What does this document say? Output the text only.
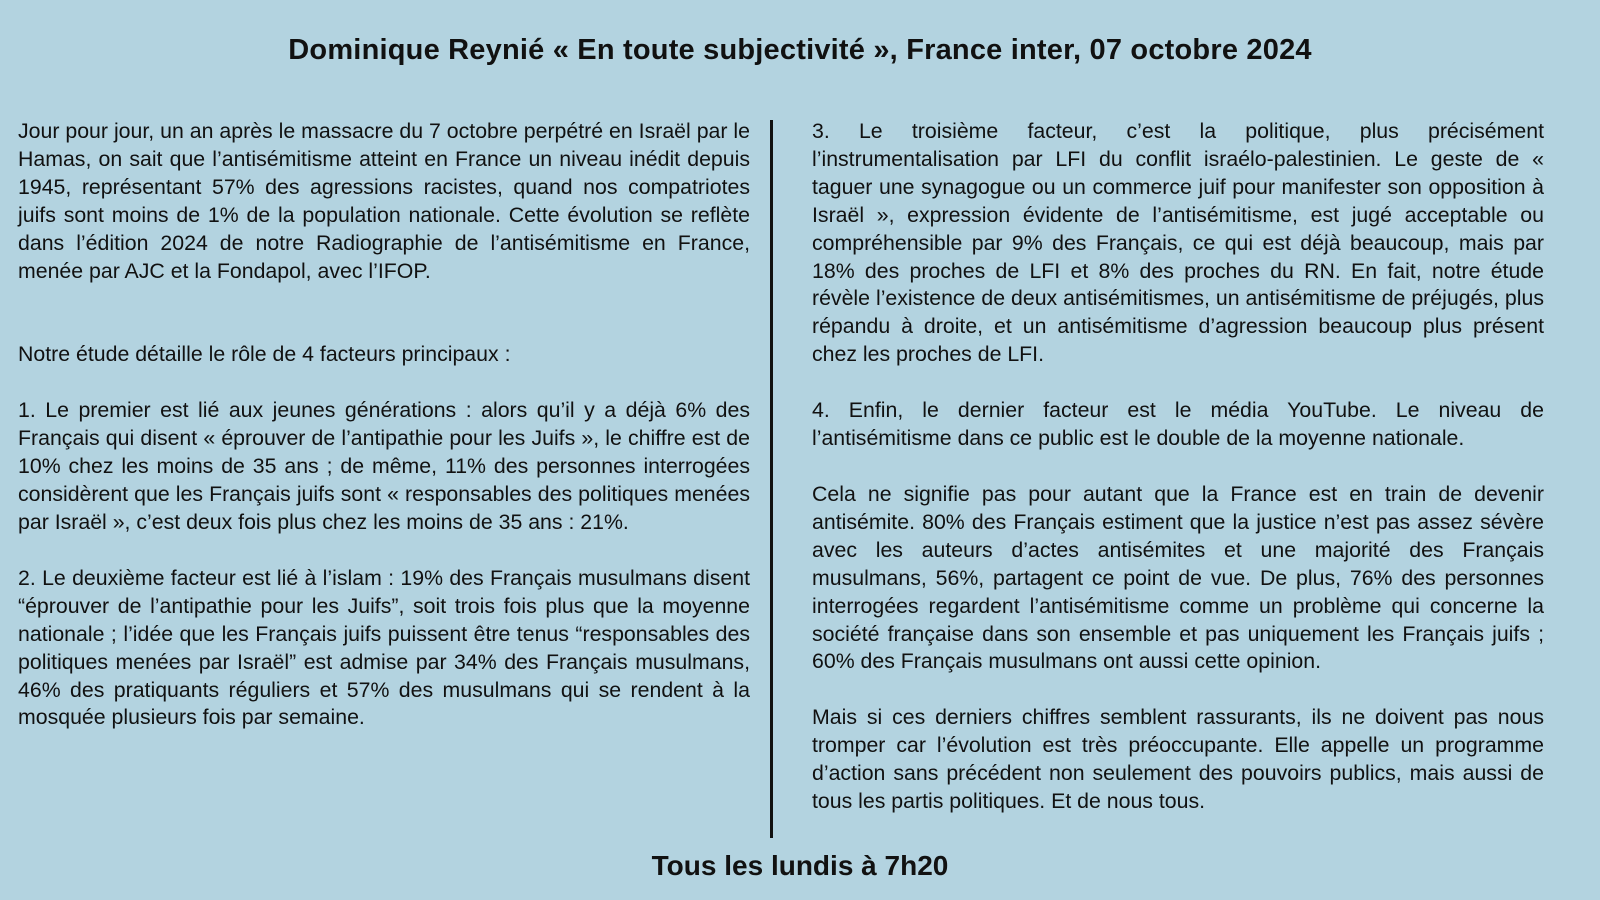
Dominique Reynié « En toute subjectivité », France inter, 07 octobre 2024

Jour pour jour, un an après le massacre du 7 octobre perpétré en Israël par le Hamas, on sait que l’antisémitisme atteint en France un niveau inédit depuis 1945, représentant 57% des agressions racistes, quand nos compatriotes juifs sont moins de 1% de la population nationale. Cette évolution se reflète dans l’édition 2024 de notre Radiographie de l’antisémitisme en France, menée par AJC et la Fondapol, avec l’IFOP.

Notre étude détaille le rôle de 4 facteurs principaux :

1. Le premier est lié aux jeunes générations : alors qu’il y a déjà 6% des Français qui disent « éprouver de l’antipathie pour les Juifs », le chiffre est de 10% chez les moins de 35 ans ; de même, 11% des personnes interrogées considèrent que les Français juifs sont « responsables des politiques menées par Israël », c’est deux fois plus chez les moins de 35 ans : 21%.

2. Le deuxième facteur est lié à l’islam : 19% des Français musulmans disent “éprouver de l’antipathie pour les Juifs”, soit trois fois plus que la moyenne nationale ; l’idée que les Français juifs puissent être tenus “responsables des politiques menées par Israël” est admise par 34% des Français musulmans, 46% des pratiquants réguliers et 57% des musulmans qui se rendent à la mosquée plusieurs fois par semaine.

3. Le troisième facteur, c’est la politique, plus précisément l’instrumentalisation par LFI du conflit israélo-palestinien. Le geste de « taguer une synagogue ou un commerce juif pour manifester son opposition à Israël », expression évidente de l’antisémitisme, est jugé acceptable ou compréhensible par 9% des Français, ce qui est déjà beaucoup, mais par 18% des proches de LFI et 8% des proches du RN. En fait, notre étude révèle l’existence de deux antisémitismes, un antisémitisme de préjugés, plus répandu à droite, et un antisémitisme d’agression beaucoup plus présent chez les proches de LFI.

4. Enfin, le dernier facteur est le média YouTube. Le niveau de l’antisémitisme dans ce public est le double de la moyenne nationale.

Cela ne signifie pas pour autant que la France est en train de devenir antisémite. 80% des Français estiment que la justice n’est pas assez sévère avec les auteurs d’actes antisémites et une majorité des Français musulmans, 56%, partagent ce point de vue. De plus, 76% des personnes interrogées regardent l’antisémitisme comme un problème qui concerne la société française dans son ensemble et pas uniquement les Français juifs ; 60% des Français musulmans ont aussi cette opinion.

Mais si ces derniers chiffres semblent rassurants, ils ne doivent pas nous tromper car l’évolution est très préoccupante. Elle appelle un programme d’action sans précédent non seulement des pouvoirs publics, mais aussi de tous les partis politiques. Et de nous tous.

Tous les lundis à 7h20
